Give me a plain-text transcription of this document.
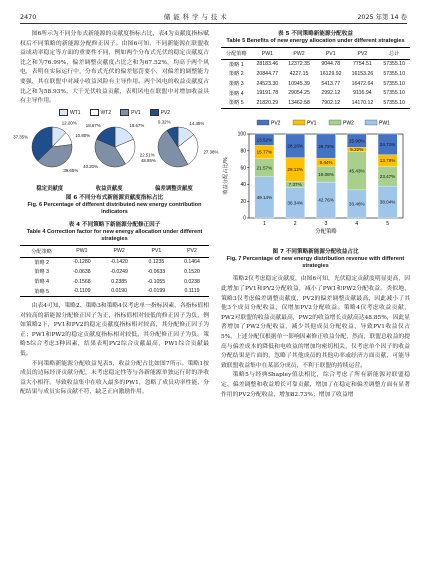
2470	储能科学与技术	2025 年第 14 卷

图6所示为不同分布式新能源的贡献度指标占比，表4为贡献度指标赋权后不同策略的新能源分配修正因子。由图6可知，不同新能源在联盟收益成功率稳定等方面的重要性不同，例如两个分布式光伏的稳定贡献度占比之和为76.99%，偏差调整贡献度占比之和为67.52%，均高于两个风电，表明在实际运行中，分布式光伏的偏差惩罚要小，对偏差的调整能力要强，其在联盟中对减小收益风险有主导作用。两个风电的收益贡献度占比之和为58.93%，大于光伏收益贡献，表明风电在联盟中对增加收益具有主导作用。

WT1	WT2	PV1	PV2
12.20%
10.80%
39.65%
37.35%
18.67%
22.51%
40.20%
18.67%	14.45%
27.38%
48.85%
9.32%
稳定贡献度	收益贡献度	偏差调整贡献度
图 6 不同分布式新能源贡献度指标占比
Fig. 6 Percentage of different distributed new energy contribution indicators
表 4 不同策略下新能源分配修正因子
Table 4 Correction factor for new energy allocation under different strategies
分配策略	PW1	PW2	PV1	PV2
策略 2	-0.1280	-0.1420	0.1235	0.1464
策略 3	-0.0638	-0.0249	-0.0633	0.1520
策略 4	-0.1568	0.2385	-0.1055	0.0238
策略 5	-0.1109	0.0190	-0.0199	0.1119

由表4可知，策略2、策略3和策略4仅考虑单一指标因素，各指标值相对较高的新能源分配修正因子为正，指标值相对较低的修正因子为负，例如策略2下，PV1和PV2的稳定贡献度指标相对较高，其分配修正因子为正；PW1和PW2的稳定贡献度指标相对较低，其分配修正因子为负。策略5综合考虑3种因素，结果表明PV2综合贡献最高，PW1综合贡献最低。

不同策略新能源分配收益见表5，收益分配占比如图7所示。策略1按成员的边际经济贡献分配，未考虑稳定性等与各新能源单独运行时的净收益大小相符。导致收益集中在收入最多的PW1，忽略了成员功率性能、分配结果与成员实际贡献不符，缺乏正向激励作用。

表 5 不同策略新能源分配收益
Table 5 Benefits of new energy allocation under different strategies
分配策略	PW1	PW2	PV1	PV2	总计
策略 1	28183.46	12372.35	9044.78	7754.51	57355.10
策略 2	20844.77	4227.15	16129.92	16153.26	57355.10
策略 3	24523.30	10945.39	5413.77	16472.64	57355.10
策略 4	19191.78	29054.25	2992.12	9116.94	57355.10
策略 5	21820.29	13462.58	7902.12	14170.12	57355.10
PV2	PV1	PW2	PW1
0
20
40
60
80
100
收益分配占比/%
49.14%
21.57%
15.77%
13.52%
1
36.34%
7.37%
28.12%
28.16%
2
42.76%
19.08%
9.44%
28.72%
3
33.46%
45.43%
5.22%
15.90%
4
38.04%
23.47%
13.78%
24.71%
5
分配策略
图 7 不同策略新能源分配收益占比
Fig. 7 Percentage of new energy distribution revenue with different strategies

策略2仅考虑稳定贡献度，由图6可知，光伏稳定贡献度明显更高，因此增加了PV1和PV2分配收益，减小了PW1和PW2分配收益。类似地，策略3仅考虑偏差调整贡献度，PV2的偏差调整贡献最高，因此减小了其他3个成员分配收益，仅增加PV2分配收益。策略4仅考虑收益贡献，PW2对联盟的收益贡献最高，PW2的收益增长贡献高达48.85%，因此显著增加了PW2分配收益，减少其他成员分配收益，导致PV1收益仅占5%。上述分配仅根据单一影响因素修正收益分配，然而，联盟总收益的提高与偏差成本的降低和电收益的增加均密切相关，仅考虑单个因子的收益分配结果是片面的，忽略了其他成员的其他功率或经济方面贡献，可能导致联盟收益集中在某部分成员，不利于联盟的持续运营。

策略5与经典Shapley值法相比，综合考虑了所有新能源对联盟稳定、偏差调整和收益増长可靠贡献，增加了在稳定和偏差调整方面有显著作用的PV2分配收益，增加82.73%；增加了收益增
